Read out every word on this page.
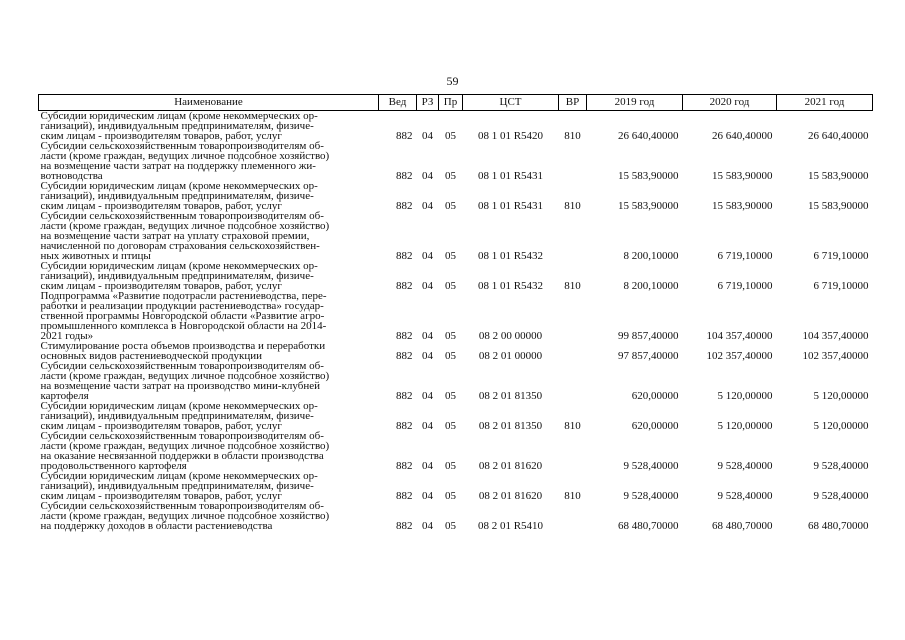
59
Наименование	Вед	РЗ	Пр	ЦСТ	ВР	2019 год	2020 год	2021 год

Субсидии юридическим лицам (кроме некоммерческих ор-
ганизаций), индивидуальным предпринимателям, физиче-
ским лицам - производителям товаров, работ, услуг	882	04	05	08 1 01 R5420	810	26 640,40000	26 640,40000	26 640,40000

Субсидии сельскохозяйственным товаропроизводителям об-
ласти (кроме граждан, ведущих личное подсобное хозяйство)
на возмещение части затрат на поддержку племенного жи-
вотноводства	882	04	05	08 1 01 R5431		15 583,90000	15 583,90000	15 583,90000

Субсидии юридическим лицам (кроме некоммерческих ор-
ганизаций), индивидуальным предпринимателям, физиче-
ским лицам - производителям товаров, работ, услуг	882	04	05	08 1 01 R5431	810	15 583,90000	15 583,90000	15 583,90000

Субсидии сельскохозяйственным товаропроизводителям об-
ласти (кроме граждан, ведущих личное подсобное хозяйство)
на возмещение части затрат на уплату страховой премии,
начисленной по договорам страхования сельскохозяйствен-
ных животных и птицы	882	04	05	08 1 01 R5432		8 200,10000	6 719,10000	6 719,10000

Субсидии юридическим лицам (кроме некоммерческих ор-
ганизаций), индивидуальным предпринимателям, физиче-
ским лицам - производителям товаров, работ, услуг	882	04	05	08 1 01 R5432	810	8 200,10000	6 719,10000	6 719,10000

Подпрограмма «Развитие подотрасли растениеводства, пере-
работки и реализации продукции растениеводства» государ-
ственной программы Новгородской области «Развитие агро-
промышленного комплекса в Новгородской области на 2014-
2021 годы»	882	04	05	08 2 00 00000		99 857,40000	104 357,40000	104 357,40000

Стимулирование роста объемов производства и переработки
основных видов растениеводческой продукции	882	04	05	08 2 01 00000		97 857,40000	102 357,40000	102 357,40000

Субсидии сельскохозяйственным товаропроизводителям об-
ласти (кроме граждан, ведущих личное подсобное хозяйство)
на возмещение части затрат на производство мини-клубней
картофеля	882	04	05	08 2 01 81350		620,00000	5 120,00000	5 120,00000

Субсидии юридическим лицам (кроме некоммерческих ор-
ганизаций), индивидуальным предпринимателям, физиче-
ским лицам - производителям товаров, работ, услуг	882	04	05	08 2 01 81350	810	620,00000	5 120,00000	5 120,00000

Субсидии сельскохозяйственным товаропроизводителям об-
ласти (кроме граждан, ведущих личное подсобное хозяйство)
на оказание несвязанной поддержки в области производства
продовольственного картофеля	882	04	05	08 2 01 81620		9 528,40000	9 528,40000	9 528,40000

Субсидии юридическим лицам (кроме некоммерческих ор-
ганизаций), индивидуальным предпринимателям, физиче-
ским лицам - производителям товаров, работ, услуг	882	04	05	08 2 01 81620	810	9 528,40000	9 528,40000	9 528,40000

Субсидии сельскохозяйственным товаропроизводителям об-
ласти (кроме граждан, ведущих личное подсобное хозяйство)
на поддержку доходов в области растениеводства	882	04	05	08 2 01 R5410		68 480,70000	68 480,70000	68 480,70000
